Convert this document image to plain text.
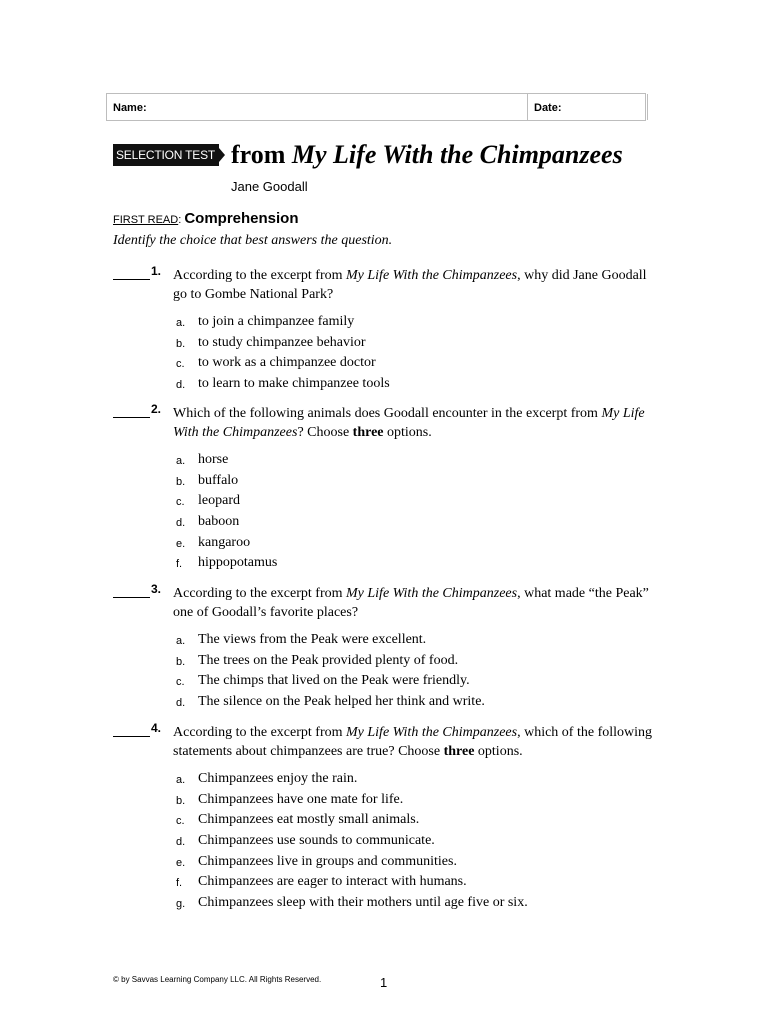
Name:	Date:
SELECTION TEST from My Life With the Chimpanzees
Jane Goodall
FIRST READ: Comprehension
Identify the choice that best answers the question.
1. According to the excerpt from My Life With the Chimpanzees, why did Jane Goodall go to Gombe National Park?
a. to join a chimpanzee family
b. to study chimpanzee behavior
c. to work as a chimpanzee doctor
d. to learn to make chimpanzee tools
2. Which of the following animals does Goodall encounter in the excerpt from My Life With the Chimpanzees? Choose three options.
a. horse
b. buffalo
c. leopard
d. baboon
e. kangaroo
f. hippopotamus
3. According to the excerpt from My Life With the Chimpanzees, what made “the Peak” one of Goodall’s favorite places?
a. The views from the Peak were excellent.
b. The trees on the Peak provided plenty of food.
c. The chimps that lived on the Peak were friendly.
d. The silence on the Peak helped her think and write.
4. According to the excerpt from My Life With the Chimpanzees, which of the following statements about chimpanzees are true? Choose three options.
a. Chimpanzees enjoy the rain.
b. Chimpanzees have one mate for life.
c. Chimpanzees eat mostly small animals.
d. Chimpanzees use sounds to communicate.
e. Chimpanzees live in groups and communities.
f. Chimpanzees are eager to interact with humans.
g. Chimpanzees sleep with their mothers until age five or six.
© by Savvas Learning Company LLC. All Rights Reserved.	1
